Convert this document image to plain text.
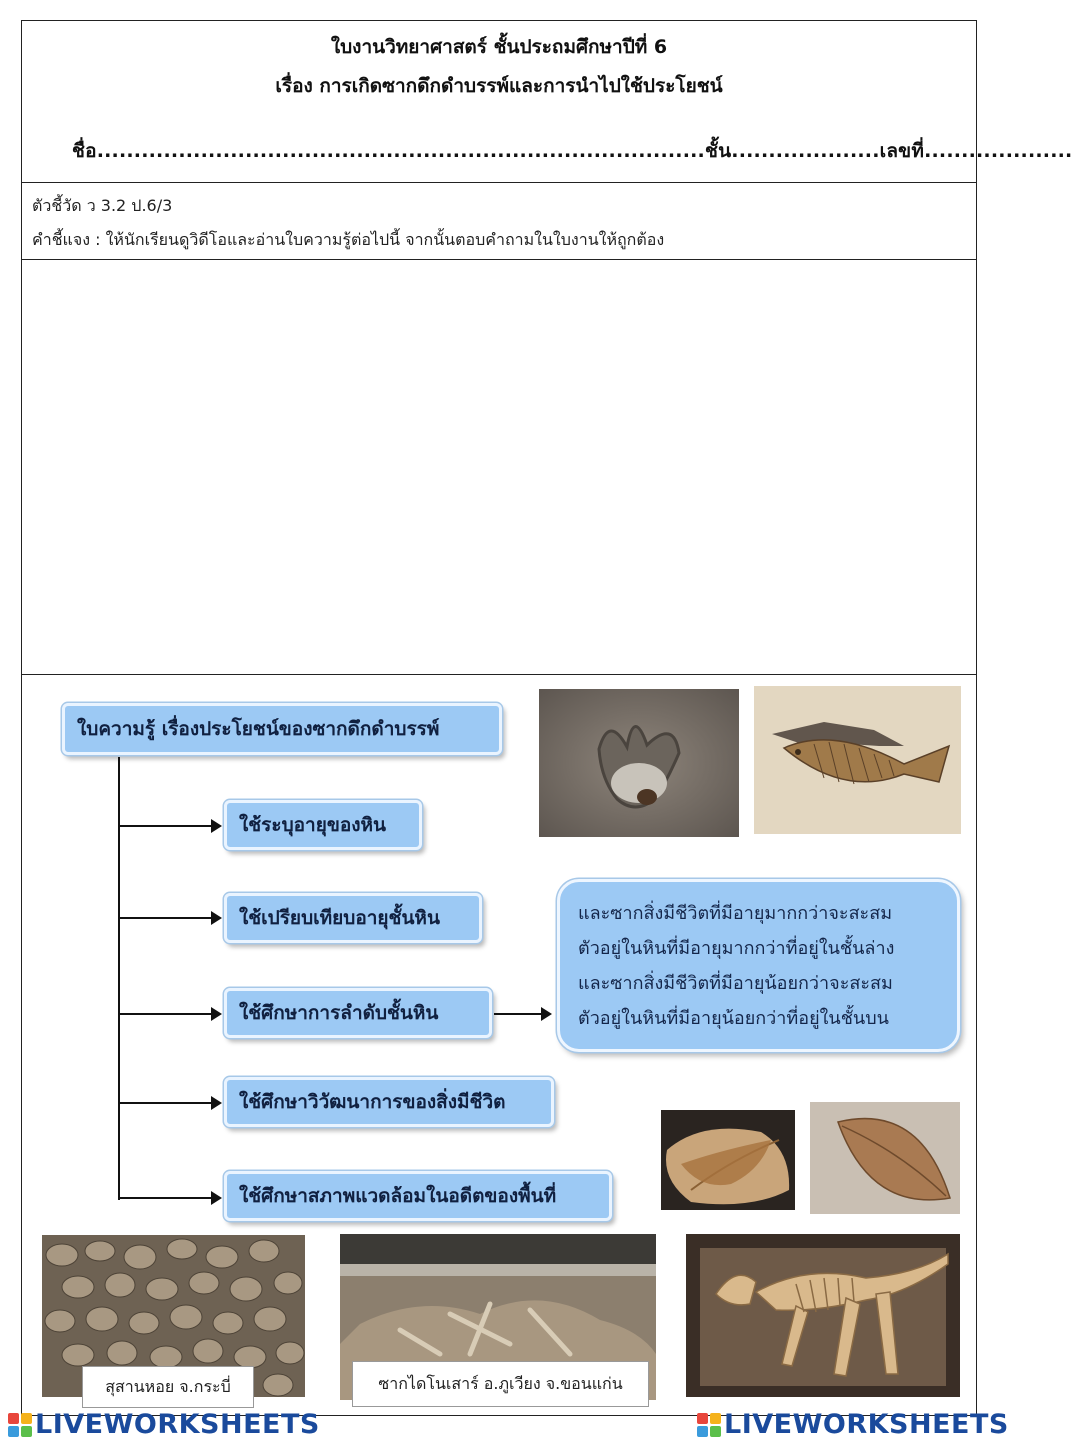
ใบงานวิทยาศาสตร์ ชั้นประถมศึกษาปีที่ 6
เรื่อง การเกิดซากดึกดำบรรพ์และการนำไปใช้ประโยชน์
ชื่อ..................................................................................ชั้น....................เลขที่....................
ตัวชี้วัด ว 3.2 ป.6/3
คำชี้แจง : ให้นักเรียนดูวิดีโอและอ่านใบความรู้ต่อไปนี้ จากนั้นตอบคำถามในใบงานให้ถูกต้อง
ใบความรู้ เรื่องประโยชน์ของซากดึกดำบรรพ์
ใช้ระบุอายุของหิน
ใช้เปรียบเทียบอายุชั้นหิน
ใช้ศึกษาการลำดับชั้นหิน
ใช้ศึกษาวิวัฒนาการของสิ่งมีชีวิต
ใช้ศึกษาสภาพแวดล้อมในอดีตของพื้นที่
และซากสิ่งมีชีวิตที่มีอายุมากกว่าจะสะสม
ตัวอยู่ในหินที่มีอายุมากกว่าที่อยู่ในชั้นล่าง
และซากสิ่งมีชีวิตที่มีอายุน้อยกว่าจะสะสม
ตัวอยู่ในหินที่มีอายุน้อยกว่าที่อยู่ในชั้นบน
สุสานหอย จ.กระบี่	ซากไดโนเสาร์ อ.ภูเวียง จ.ขอนแก่น
LIVEWORKSHEETS	LIVEWORKSHEETS
